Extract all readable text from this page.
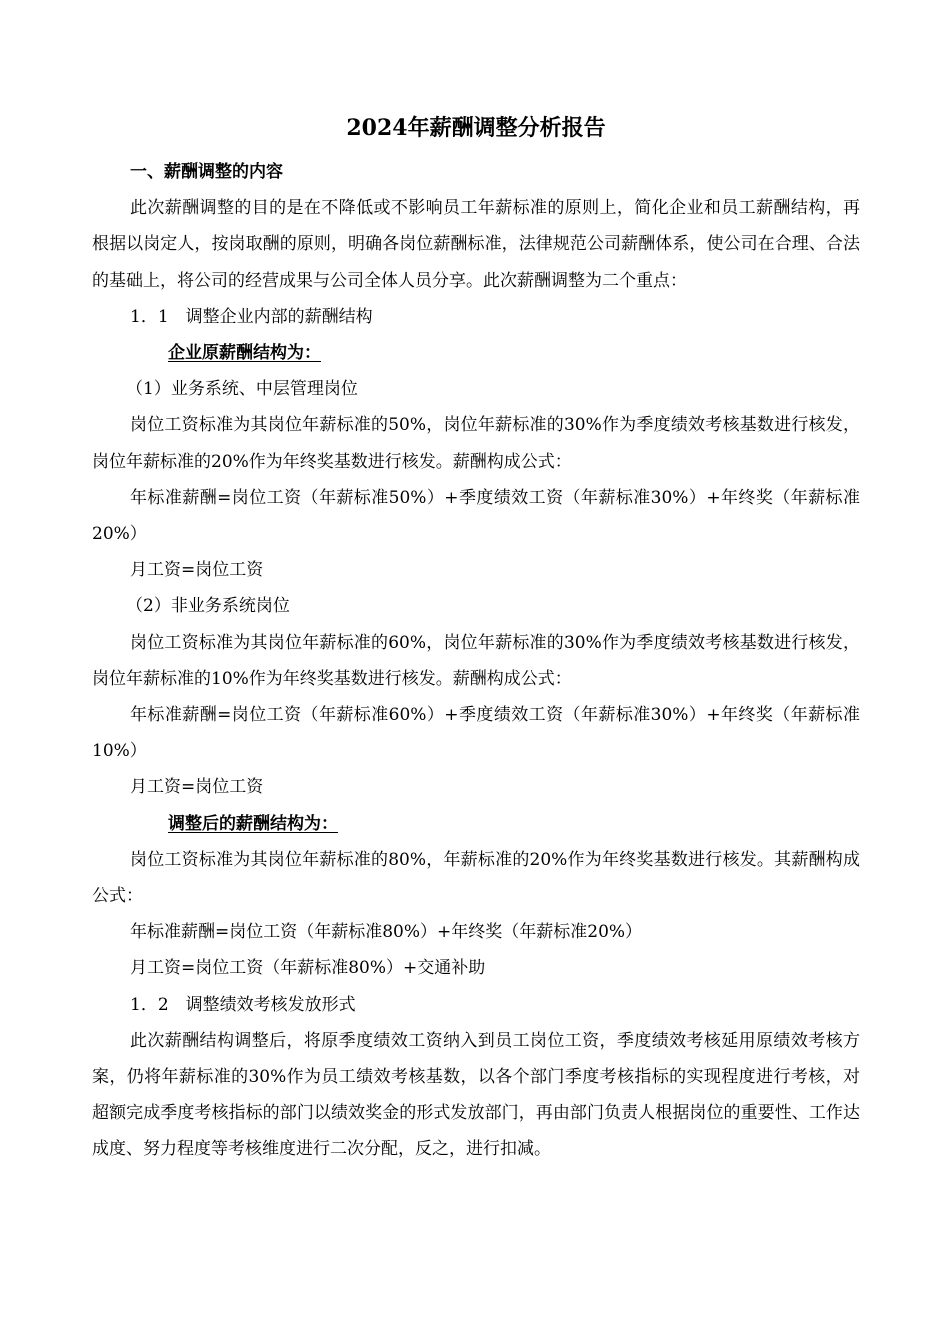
2024年薪酬调整分析报告

一、薪酬调整的内容

此次薪酬调整的目的是在不降低或不影响员工年薪标准的原则上，简化企业和员工薪酬结构，再根据以岗定人，按岗取酬的原则，明确各岗位薪酬标准，法律规范公司薪酬体系，使公司在合理、合法的基础上，将公司的经营成果与公司全体人员分享。此次薪酬调整为二个重点：

1．1　调整企业内部的薪酬结构

企业原薪酬结构为：

（1）业务系统、中层管理岗位

岗位工资标准为其岗位年薪标准的50%，岗位年薪标准的30%作为季度绩效考核基数进行核发，岗位年薪标准的20%作为年终奖基数进行核发。薪酬构成公式：

年标准薪酬=岗位工资（年薪标准50%）+季度绩效工资（年薪标准30%）+年终奖（年薪标准20%）

月工资=岗位工资

（2）非业务系统岗位

岗位工资标准为其岗位年薪标准的60%，岗位年薪标准的30%作为季度绩效考核基数进行核发，岗位年薪标准的10%作为年终奖基数进行核发。薪酬构成公式：

年标准薪酬=岗位工资（年薪标准60%）+季度绩效工资（年薪标准30%）+年终奖（年薪标准10%）

月工资=岗位工资

调整后的薪酬结构为：

岗位工资标准为其岗位年薪标准的80%，年薪标准的20%作为年终奖基数进行核发。其薪酬构成公式：

年标准薪酬=岗位工资（年薪标准80%）+年终奖（年薪标准20%）

月工资=岗位工资（年薪标准80%）+交通补助

1．2　调整绩效考核发放形式

此次薪酬结构调整后，将原季度绩效工资纳入到员工岗位工资，季度绩效考核延用原绩效考核方案，仍将年薪标准的30%作为员工绩效考核基数，以各个部门季度考核指标的实现程度进行考核，对超额完成季度考核指标的部门以绩效奖金的形式发放部门，再由部门负责人根据岗位的重要性、工作达成度、努力程度等考核维度进行二次分配，反之，进行扣减。
